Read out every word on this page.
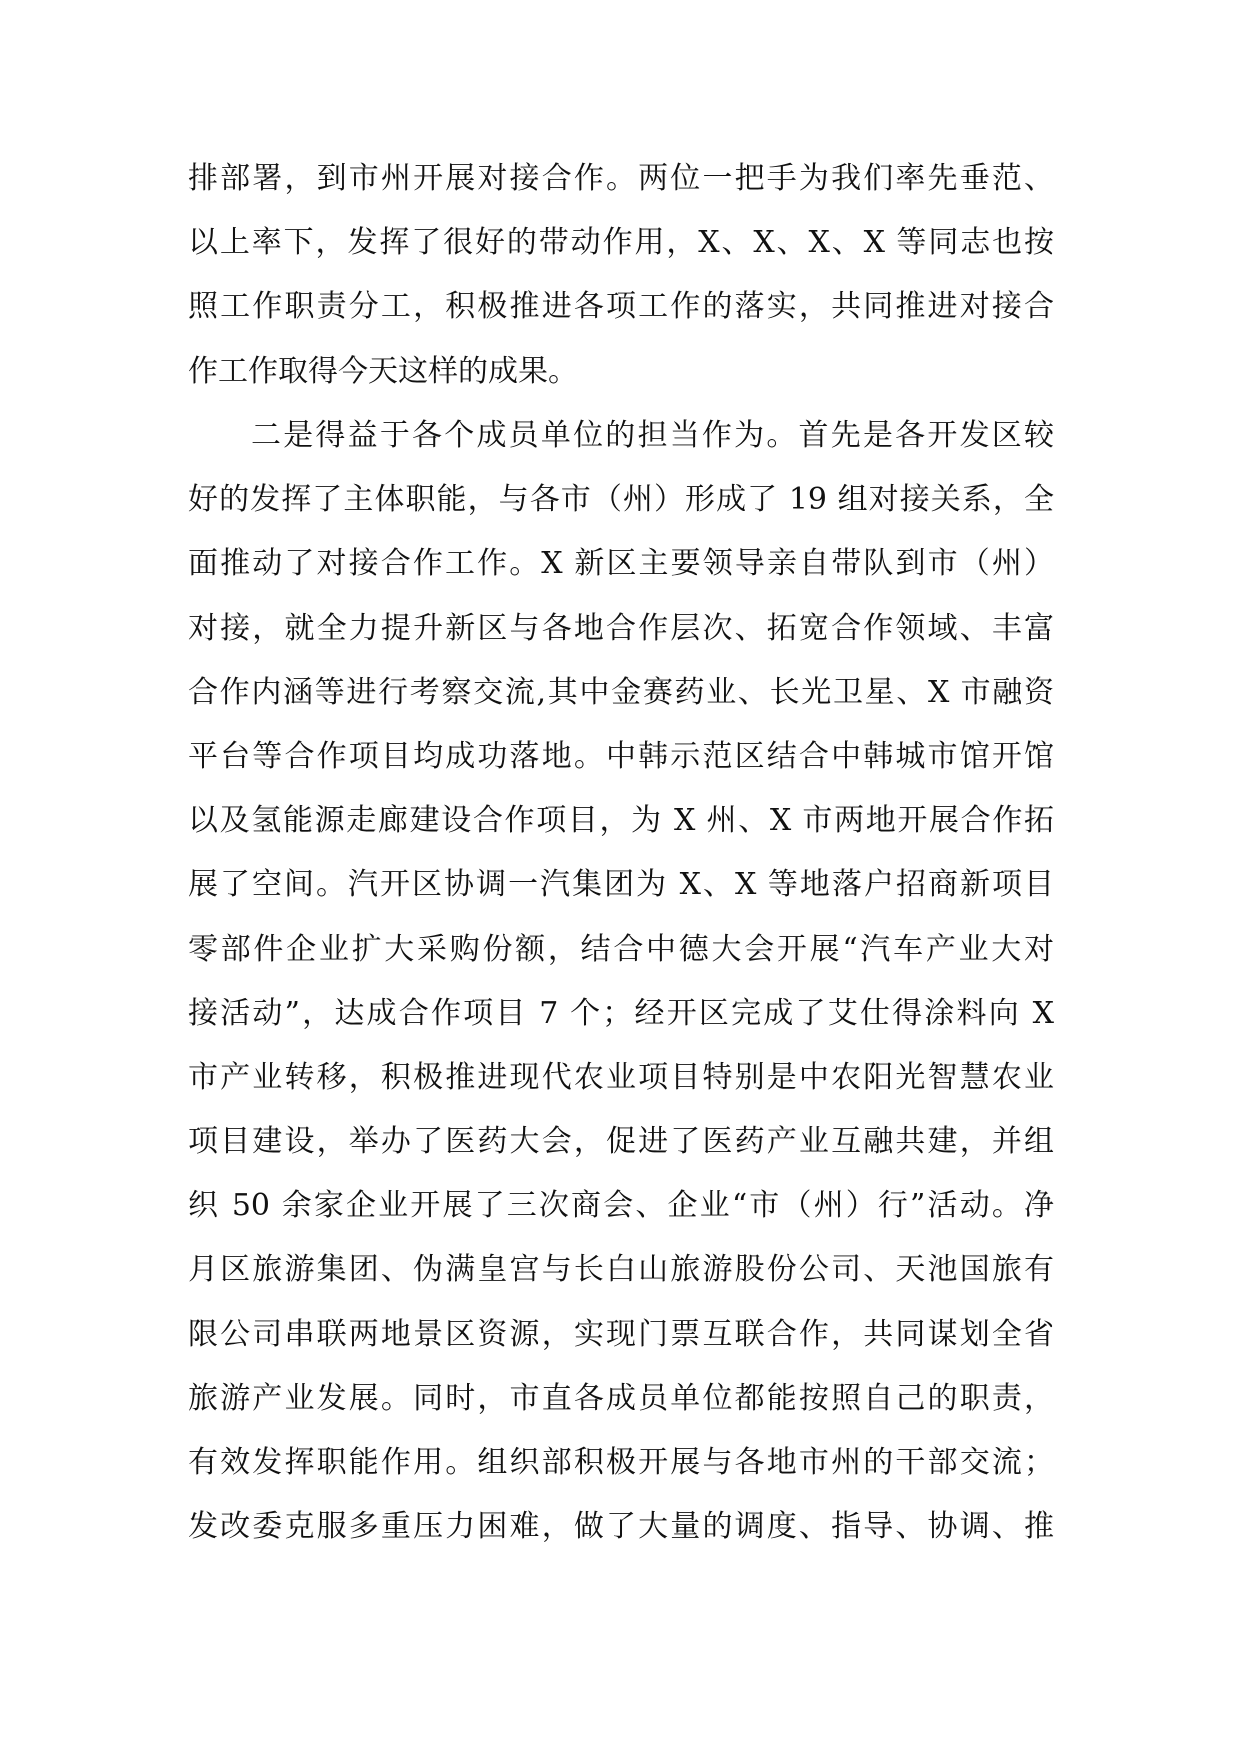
排部署，到市州开展对接合作。两位一把手为我们率先垂范、
以上率下，发挥了很好的带动作用，X、X、X、X 等同志也按
照工作职责分工，积极推进各项工作的落实，共同推进对接合
作工作取得今天这样的成果。
二是得益于各个成员单位的担当作为。首先是各开发区较
好的发挥了主体职能，与各市（州）形成了 19 组对接关系，全
面推动了对接合作工作。X 新区主要领导亲自带队到市（州）
对接，就全力提升新区与各地合作层次、拓宽合作领域、丰富
合作内涵等进行考察交流,其中金赛药业、长光卫星、X 市融资
平台等合作项目均成功落地。中韩示范区结合中韩城市馆开馆
以及氢能源走廊建设合作项目，为 X 州、X 市两地开展合作拓
展了空间。汽开区协调一汽集团为 X、X 等地落户招商新项目
零部件企业扩大采购份额，结合中德大会开展“汽车产业大对
接活动”，达成合作项目 7 个；经开区完成了艾仕得涂料向 X
市产业转移，积极推进现代农业项目特别是中农阳光智慧农业
项目建设，举办了医药大会，促进了医药产业互融共建，并组
织 50 余家企业开展了三次商会、企业“市（州）行”活动。净
月区旅游集团、伪满皇宫与长白山旅游股份公司、天池国旅有
限公司串联两地景区资源，实现门票互联合作，共同谋划全省
旅游产业发展。同时，市直各成员单位都能按照自己的职责，
有效发挥职能作用。组织部积极开展与各地市州的干部交流；
发改委克服多重压力困难，做了大量的调度、指导、协调、推
